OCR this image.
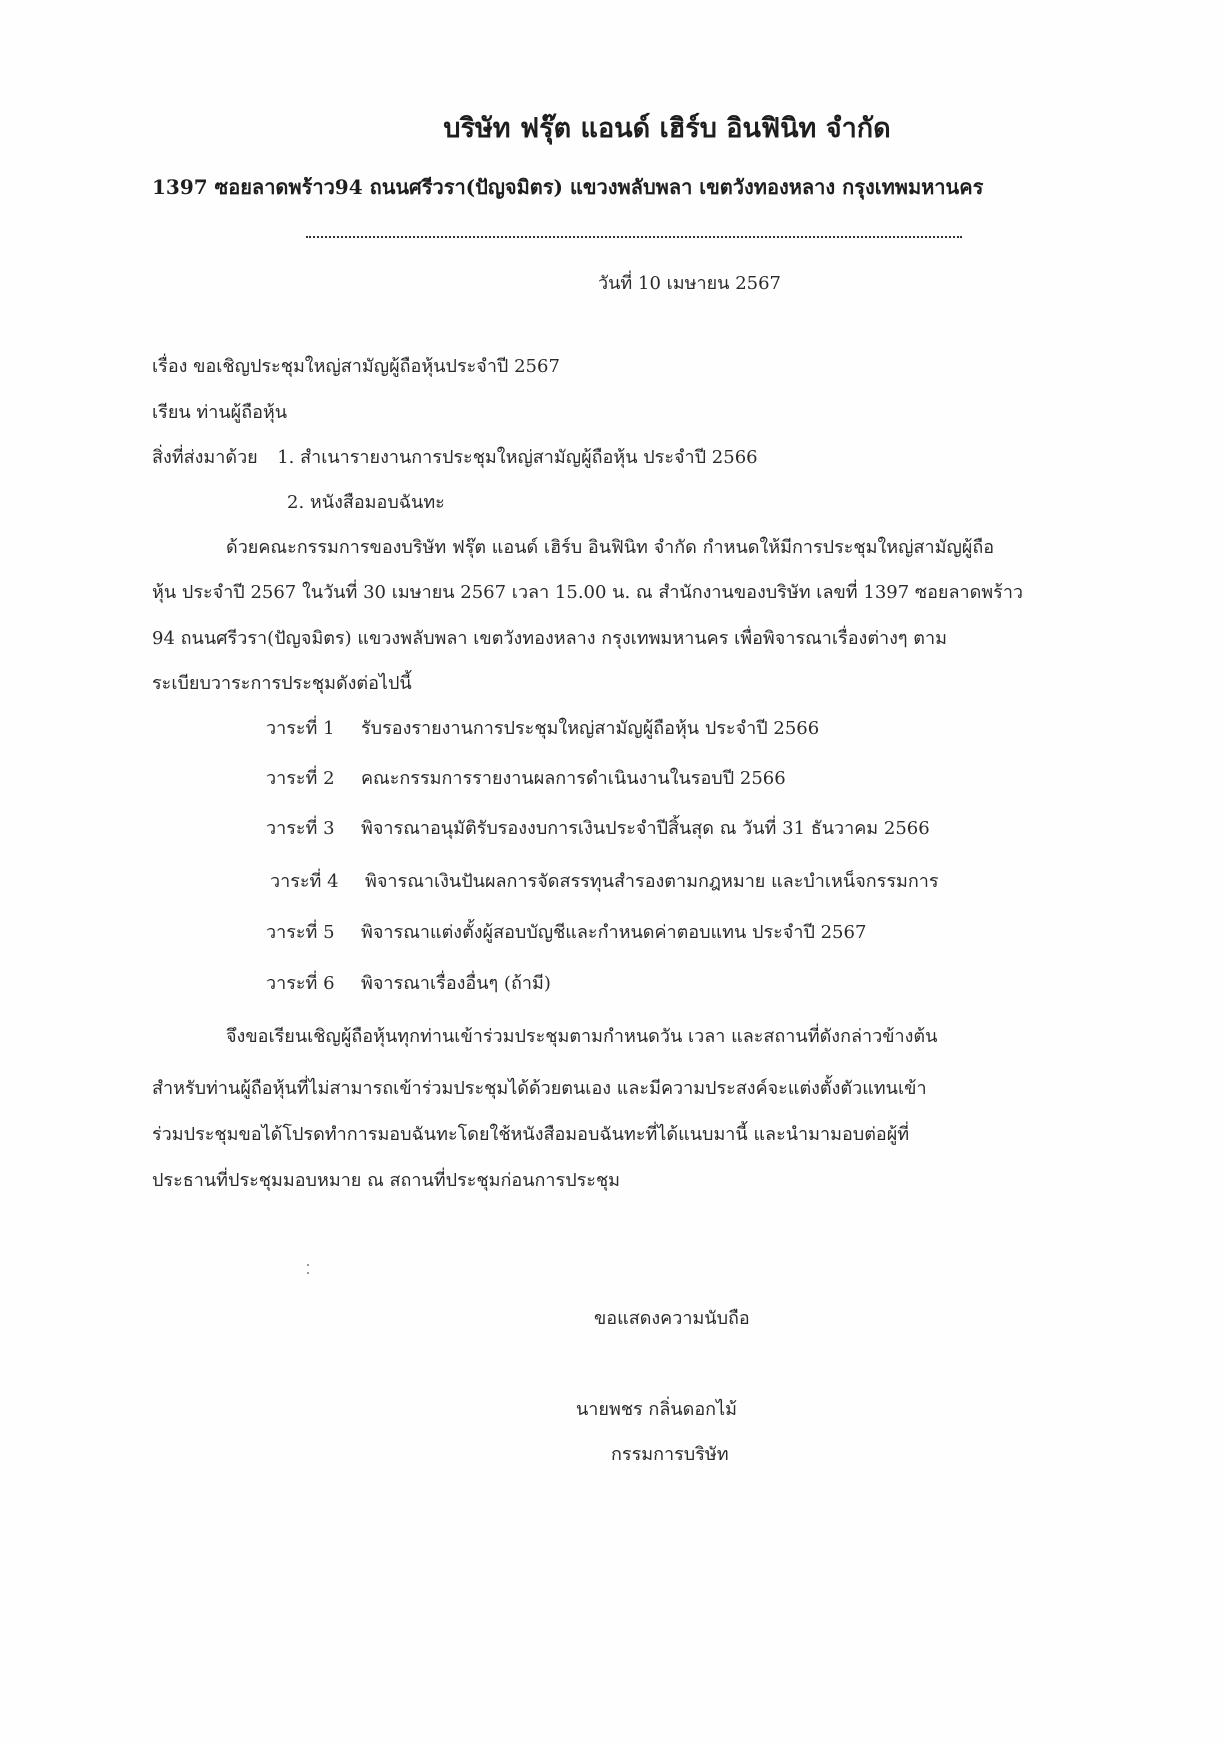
บริษัท ฟรุ๊ต แอนด์ เฮิร์บ อินฟินิท จำกัด
1397 ซอยลาดพร้าว94 ถนนศรีวรา(ปัญจมิตร) แขวงพลับพลา เขตวังทองหลาง กรุงเทพมหานคร
วันที่ 10 เมษายน 2567
เรื่อง ขอเชิญประชุมใหญ่สามัญผู้ถือหุ้นประจำปี 2567
เรียน ท่านผู้ถือหุ้น
สิ่งที่ส่งมาด้วย 1. สำเนารายงานการประชุมใหญ่สามัญผู้ถือหุ้น ประจำปี 2566
2. หนังสือมอบฉันทะ
ด้วยคณะกรรมการของบริษัท ฟรุ๊ต แอนด์ เฮิร์บ อินฟินิท จำกัด กำหนดให้มีการประชุมใหญ่สามัญผู้ถือ
หุ้น ประจำปี 2567 ในวันที่ 30 เมษายน 2567 เวลา 15.00 น. ณ สำนักงานของบริษัท เลขที่ 1397 ซอยลาดพร้าว
94 ถนนศรีวรา(ปัญจมิตร) แขวงพลับพลา เขตวังทองหลาง กรุงเทพมหานคร เพื่อพิจารณาเรื่องต่างๆ ตาม
ระเบียบวาระการประชุมดังต่อไปนี้
วาระที่ 1 รับรองรายงานการประชุมใหญ่สามัญผู้ถือหุ้น ประจำปี 2566
วาระที่ 2 คณะกรรมการรายงานผลการดำเนินงานในรอบปี 2566
วาระที่ 3 พิจารณาอนุมัติรับรองงบการเงินประจำปีสิ้นสุด ณ วันที่ 31 ธันวาคม 2566
วาระที่ 4 พิจารณาเงินปันผลการจัดสรรทุนสำรองตามกฎหมาย และบำเหน็จกรรมการ
วาระที่ 5 พิจารณาแต่งตั้งผู้สอบบัญชีและกำหนดค่าตอบแทน ประจำปี 2567
วาระที่ 6 พิจารณาเรื่องอื่นๆ (ถ้ามี)
จึงขอเรียนเชิญผู้ถือหุ้นทุกท่านเข้าร่วมประชุมตามกำหนดวัน เวลา และสถานที่ดังกล่าวข้างต้น
สำหรับท่านผู้ถือหุ้นที่ไม่สามารถเข้าร่วมประชุมได้ด้วยตนเอง และมีความประสงค์จะแต่งตั้งตัวแทนเข้า
ร่วมประชุมขอได้โปรดทำการมอบฉันทะโดยใช้หนังสือมอบฉันทะที่ได้แนบมานี้ และนำมามอบต่อผู้ที่
ประธานที่ประชุมมอบหมาย ณ สถานที่ประชุมก่อนการประชุม
ขอแสดงความนับถือ
นายพชร กลิ่นดอกไม้
กรรมการบริษัท
